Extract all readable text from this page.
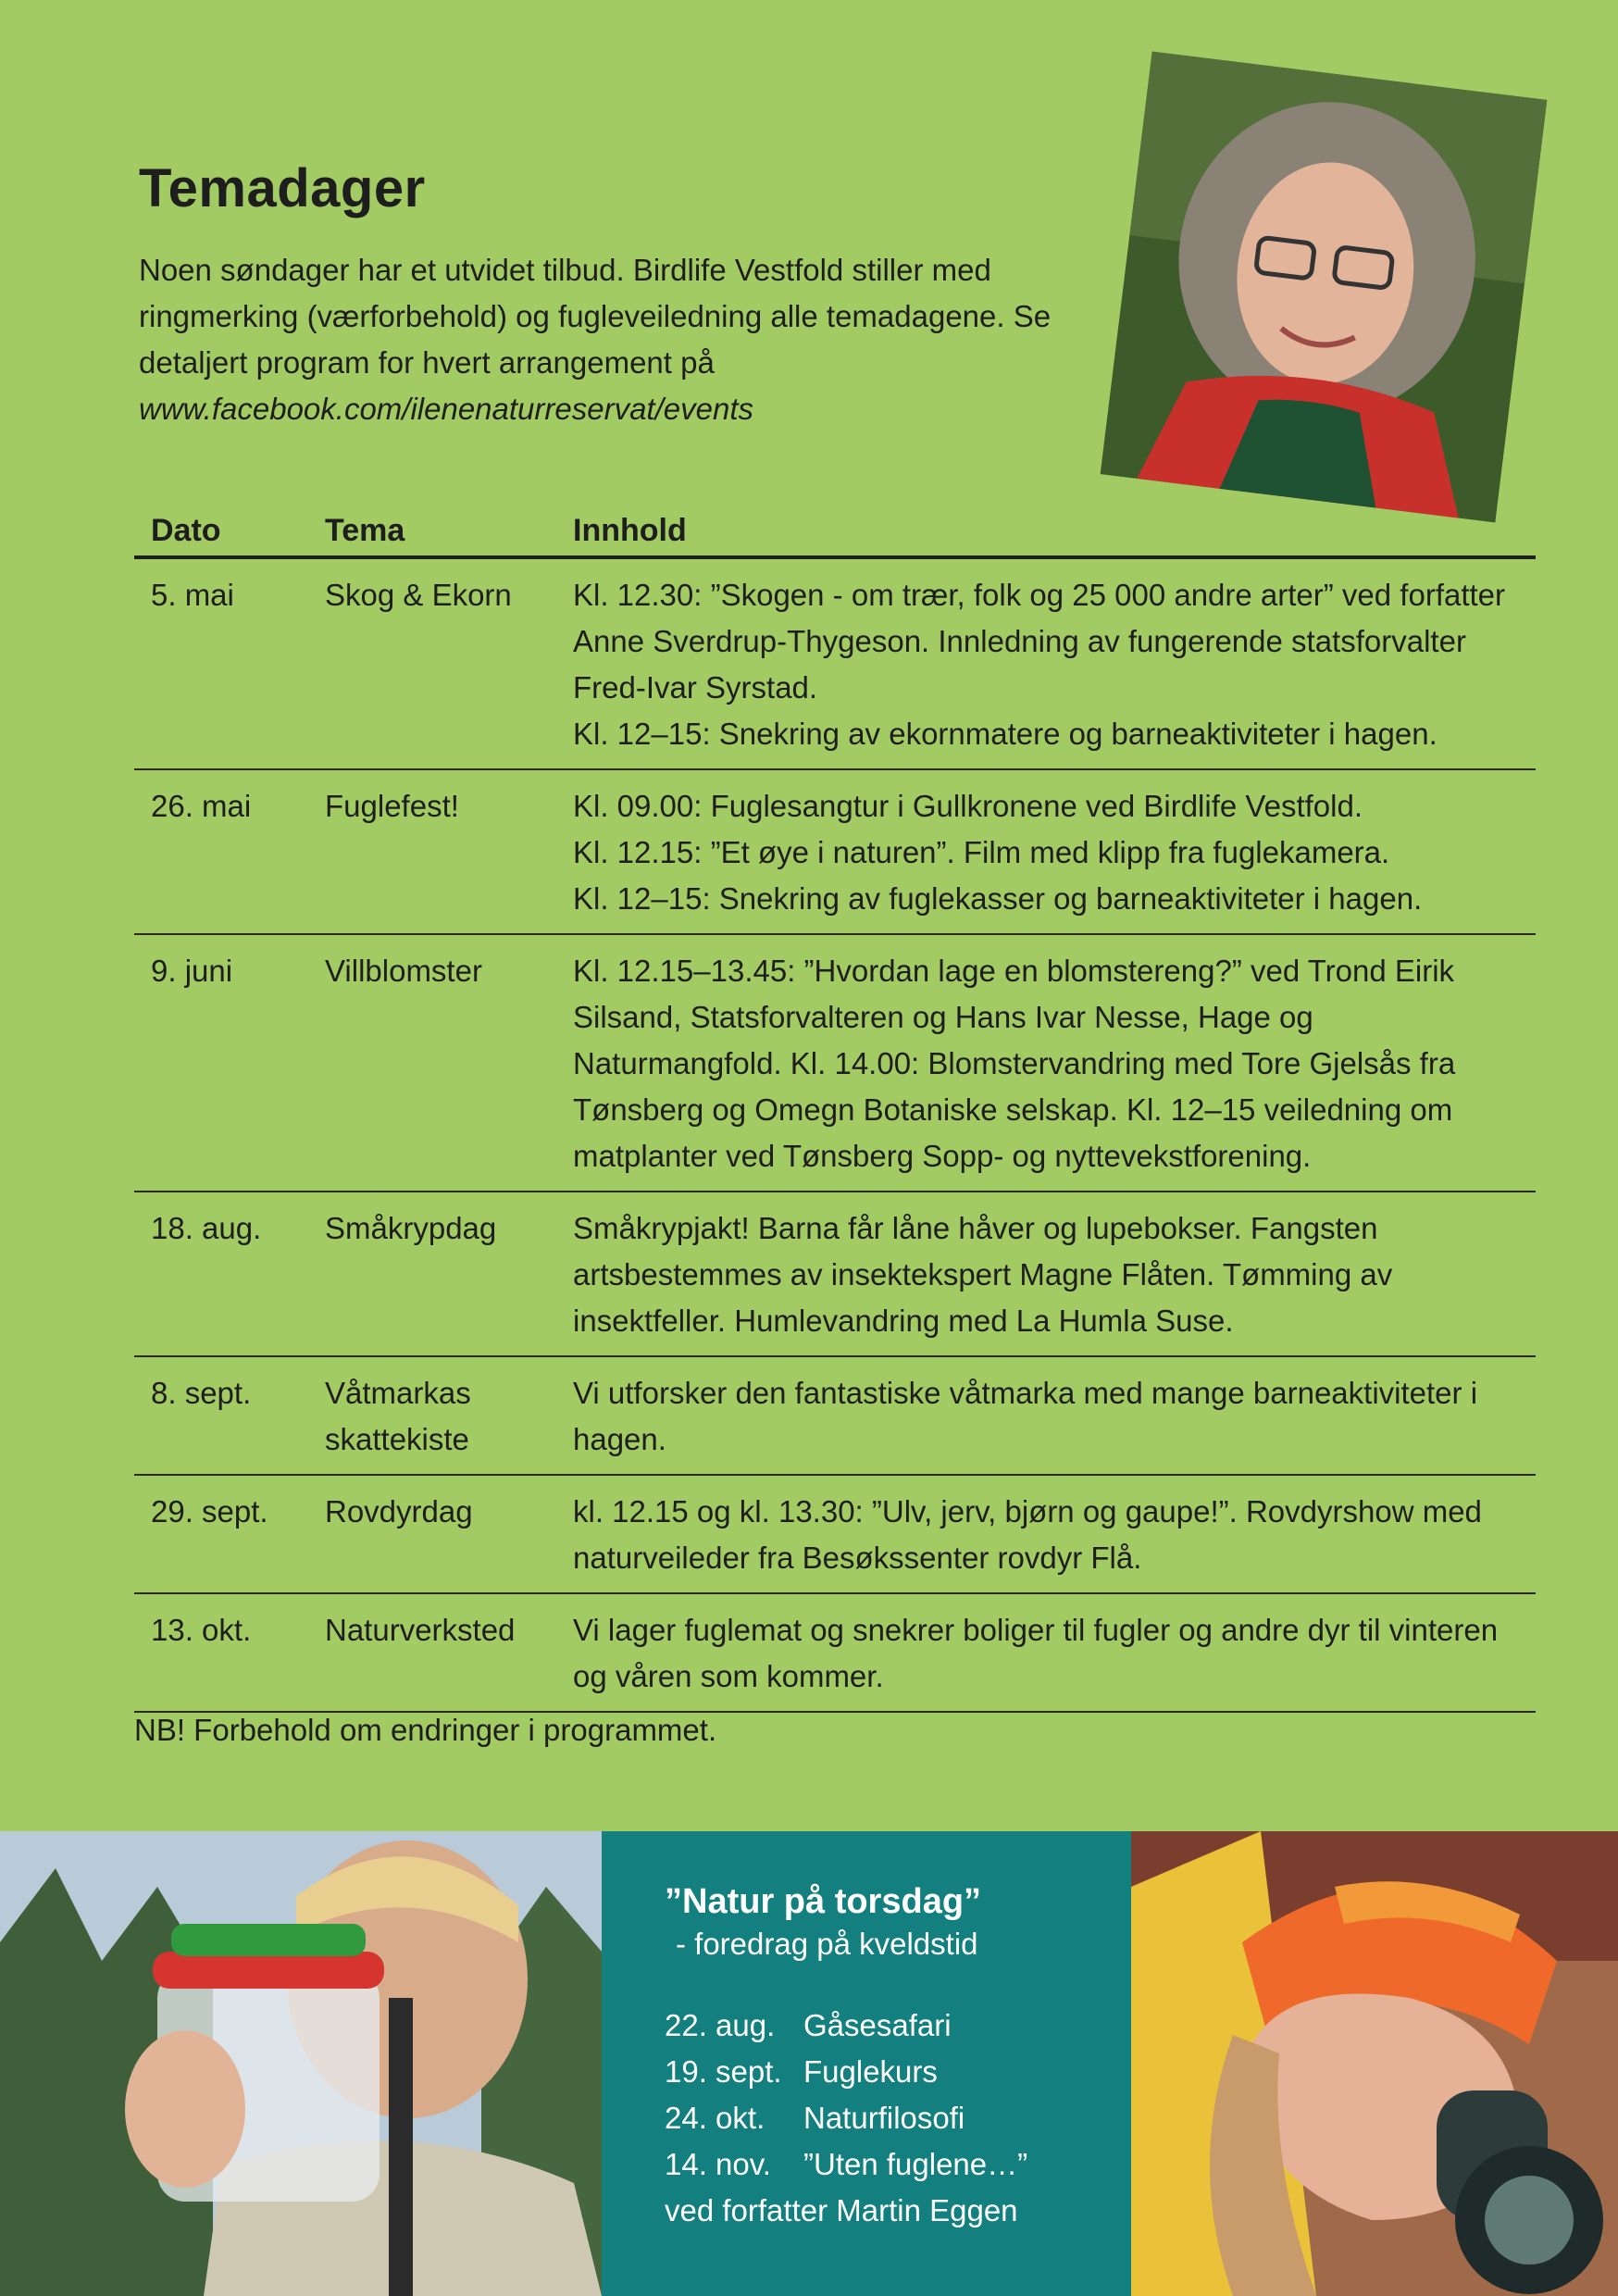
Temadager

Noen søndager har et utvidet tilbud. Birdlife Vestfold stiller med ringmerking (værforbehold) og fugleveiledning alle temadagene. Se detaljert program for hvert arrangement på www.facebook.com/ilenenaturreservat/events

Dato	Tema	Innhold
5. mai	Skog & Ekorn	Kl. 12.30: ”Skogen - om trær, folk og 25 000 andre arter” ved forfatter Anne Sverdrup-Thygeson. Innledning av fungerende statsforvalter Fred-Ivar Syrstad.
Kl. 12–15: Snekring av ekornmatere og barneaktiviteter i hagen.

26. mai	Fuglefest!	Kl. 09.00: Fuglesangtur i Gullkronene ved Birdlife Vestfold.
Kl. 12.15: ”Et øye i naturen”. Film med klipp fra fuglekamera.
Kl. 12–15: Snekring av fuglekasser og barneaktiviteter i hagen.

9. juni	Villblomster	Kl. 12.15–13.45: ”Hvordan lage en blomstereng?” ved Trond Eirik Silsand, Statsforvalteren og Hans Ivar Nesse, Hage og Naturmangfold. Kl. 14.00: Blomstervandring med Tore Gjelsås fra Tønsberg og Omegn Botaniske selskap. Kl. 12–15 veiledning om matplanter ved Tønsberg Sopp- og nyttevekstforening.

18. aug.	Småkrypdag	Småkrypjakt! Barna får låne håver og lupebokser. Fangsten artsbestemmes av insektekspert Magne Flåten. Tømming av insektfeller. Humlevandring med La Humla Suse.

8. sept.	Våtmarkas skattekiste	Vi utforsker den fantastiske våtmarka med mange barneaktiviteter i hagen.

29. sept.	Rovdyrdag	kl. 12.15 og kl. 13.30: ”Ulv, jerv, bjørn og gaupe!”. Rovdyrshow med naturveileder fra Besøkssenter rovdyr Flå.

13. okt.	Naturverksted	Vi lager fuglemat og snekrer boliger til fugler og andre dyr til vinteren og våren som kommer.

NB! Forbehold om endringer i programmet.

”Natur på torsdag”

- foredrag på kveldstid

22. aug. Gåsesafari
19. sept. Fuglekurs
24. okt.	Naturfilosofi
14. nov.	”Uten fuglene…”
ved forfatter Martin Eggen
